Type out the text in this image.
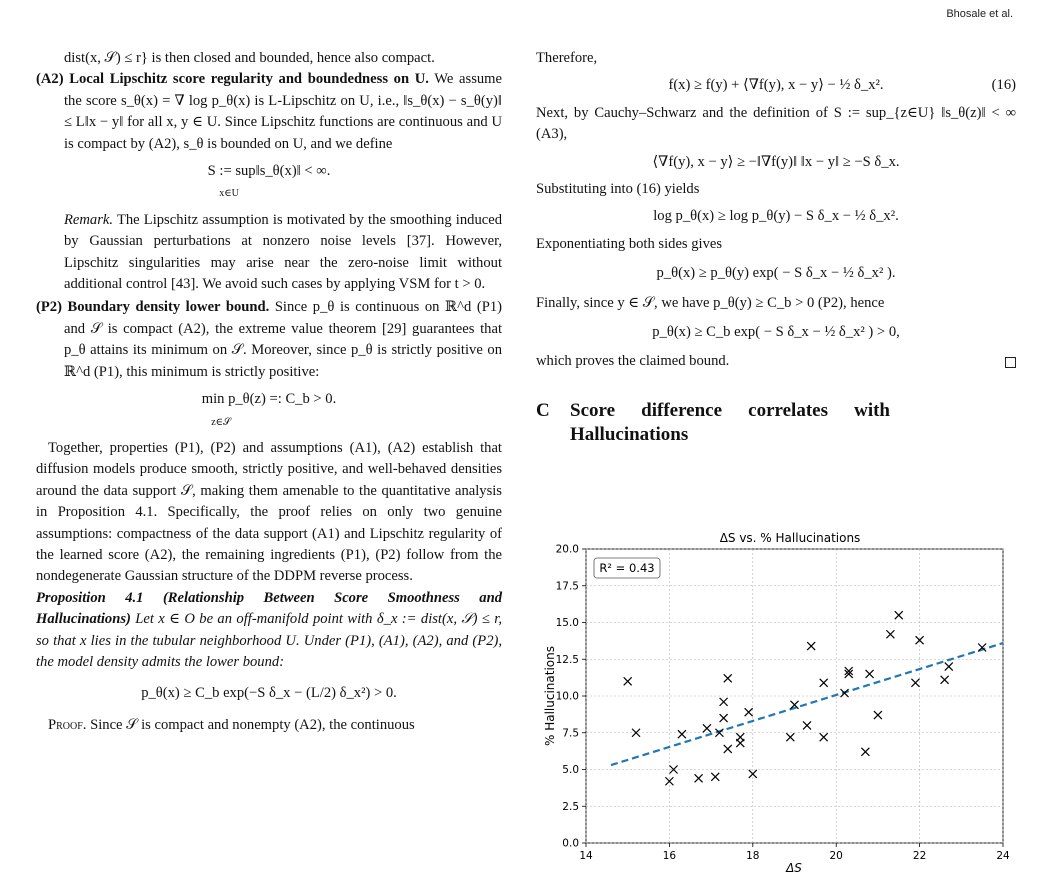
Bhosale et al.

dist(x, 𝒮) ≤ r} is then closed and bounded, hence also compact.

(A2) Local Lipschitz score regularity and boundedness on U. We assume the score s_θ(x) = ∇ log p_θ(x) is L-Lipschitz on U, i.e., ‖s_θ(x) − s_θ(y)‖ ≤ L‖x − y‖ for all x, y ∈ U. Since Lipschitz functions are continuous and U is compact by (A2), s_θ is bounded on U, and we define

S := sup‖s_θ(x)‖ < ∞.
x∈U

Remark. The Lipschitz assumption is motivated by the smoothing induced by Gaussian perturbations at nonzero noise levels [37]. However, Lipschitz singularities may arise near the zero-noise limit without additional control [43]. We avoid such cases by applying VSM for t > 0.

(P2) Boundary density lower bound. Since p_θ is continuous on ℝ^d (P1) and 𝒮 is compact (A2), the extreme value theorem [29] guarantees that p_θ attains its minimum on 𝒮. Moreover, since p_θ is strictly positive on ℝ^d (P1), this minimum is strictly positive:

min p_θ(z) =: C_b > 0.
z∈𝒮

Together, properties (P1), (P2) and assumptions (A1), (A2) establish that diffusion models produce smooth, strictly positive, and well-behaved densities around the data support 𝒮, making them amenable to the quantitative analysis in Proposition 4.1. Specifically, the proof relies on only two genuine assumptions: compactness of the data support (A1) and Lipschitz regularity of the learned score (A2), the remaining ingredients (P1), (P2) follow from the nondegenerate Gaussian structure of the DDPM reverse process.

Proposition 4.1 (Relationship Between Score Smoothness and Hallucinations) Let x ∈ O be an off-manifold point with δ_x := dist(x, 𝒮) ≤ r, so that x lies in the tubular neighborhood U. Under (P1), (A1), (A2), and (P2), the model density admits the lower bound:

p_θ(x) ≥ C_b exp(−S δ_x − (L/2) δ_x²) > 0.

Proof. Since 𝒮 is compact and nonempty (A2), the continuous

Therefore,

f(x) ≥ f(y) + ⟨∇f(y), x − y⟩ − ½ δ_x².	(16)

Next, by Cauchy–Schwarz and the definition of S := sup_{z∈U} ‖s_θ(z)‖ < ∞ (A3),

⟨∇f(y), x − y⟩ ≥ −‖∇f(y)‖ ‖x − y‖ ≥ −S δ_x.

Substituting into (16) yields

log p_θ(x) ≥ log p_θ(y) − S δ_x − ½ δ_x².

Exponentiating both sides gives

p_θ(x) ≥ p_θ(y) exp( − S δ_x − ½ δ_x² ).

Finally, since y ∈ 𝒮, we have p_θ(y) ≥ C_b > 0 (P2), hence

p_θ(x) ≥ C_b exp( − S δ_x − ½ δ_x² ) > 0,

which proves the claimed bound.

C	Score difference correlates with Hallucinations
ΔS vs. % Hallucinations
14	16	18	20	22	24
0.0
2.5
5.0
7.5
10.0
12.5
15.0
17.5
20.0
R² = 0.43
ΔS
% Hallucinations
